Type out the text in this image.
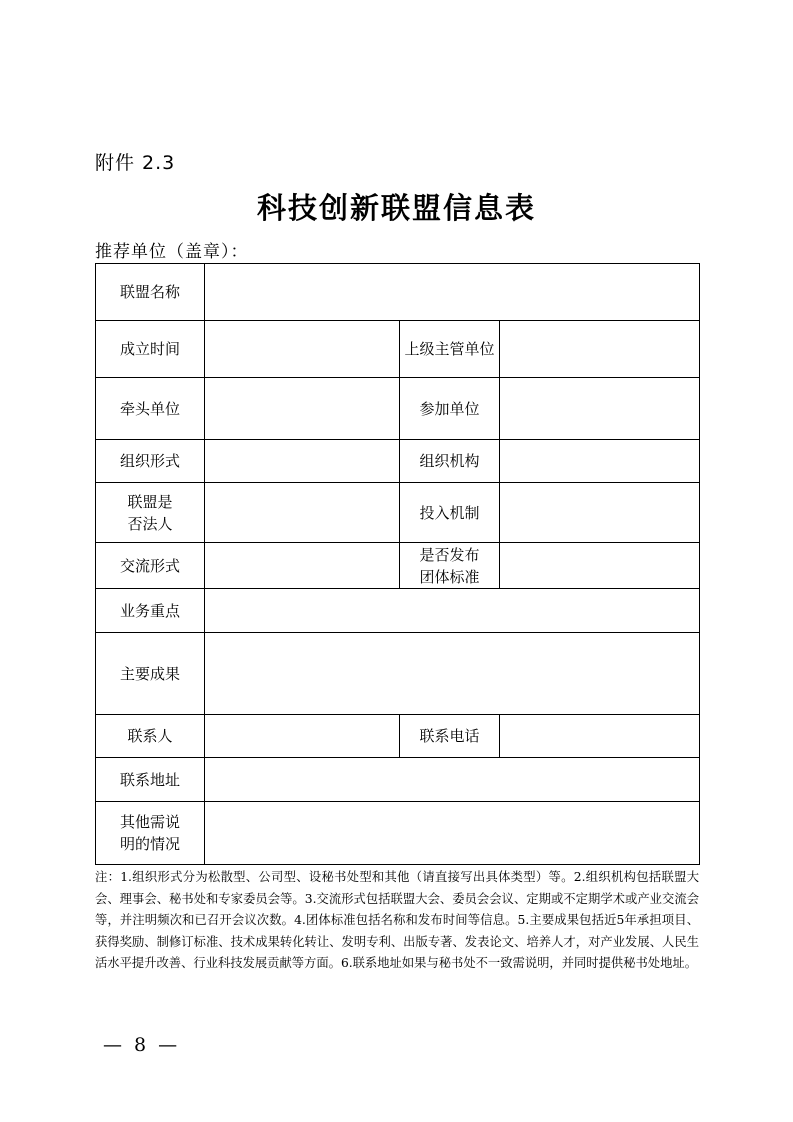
附件 2.3
科技创新联盟信息表
推荐单位（盖章）：
联盟名称			
成立时间		上级主管单位	
牵头单位		参加单位	
组织形式		组织机构	

联盟是
否法人		投入机制	
交流形式		是否发布
团体标准	

业务重点			
主要成果			
联系人		联系电话	
联系地址			

其他需说
明的情况			

注：1.组织形式分为松散型、公司型、设秘书处型和其他（请直接写出具体类型）等。2.组织机构包括联盟大会、理事会、秘书处和专家委员会等。3.交流形式包括联盟大会、委员会会议、定期或不定期学术或产业交流会等，并注明频次和已召开会议次数。4.团体标准包括名称和发布时间等信息。5.主要成果包括近5年承担项目、获得奖励、制修订标准、技术成果转化转让、发明专利、出版专著、发表论文、培养人才，对产业发展、人民生活水平提升改善、行业科技发展贡献等方面。6.联系地址如果与秘书处不一致需说明，并同时提供秘书处地址。
— 8 —
